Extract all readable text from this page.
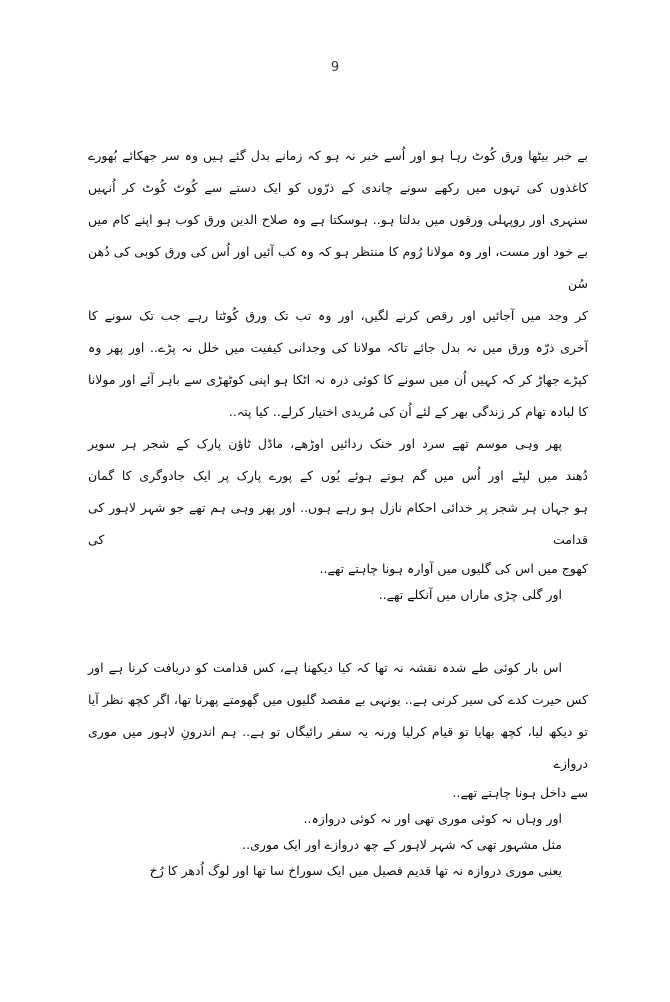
9
بے خبر بیٹھا ورق کُوٹ رہا ہو اور اُسے خبر نہ ہو کہ زمانے بدل گئے ہیں وہ سر جھکائے بُھورے
کاغذوں کی تہوں میں رکھے سونے چاندی کے ذرّوں کو ایک دستے سے کُوٹ کُوٹ کر اُنہیں
سنہری اور روپہلی ورقوں میں بدلتا ہو.. ہوسکتا ہے وہ صلاح الدین ورق کوب ہو اپنے کام میں
بے خود اور مست، اور وہ مولانا رُوم کا منتظر ہو کہ وہ کب آئیں اور اُس کی ورق کوبی کی دُھن سُن
کر وجد میں آجائیں اور رقص کرنے لگیں، اور وہ تب تک ورق کُوٹتا رہے جب تک سونے کا
آخری ذرّہ ورق میں نہ بدل جائے تاکہ مولانا کی وجدانی کیفیت میں خلل نہ پڑے.. اور پھر وہ
کپڑے جھاڑ کر کہ کہیں اُن میں سونے کا کوئی ذرہ نہ اٹکا ہو اپنی کوٹھڑی سے باہر آئے اور مولانا
کا لبادہ تھام کر زندگی بھر کے لئے اُن کی مُریدی اختیار کرلے.. کیا پتہ..
پھر وہی موسم تھے سرد اور خنک ردائیں اوڑھے، ماڈل ٹاؤن پارک کے شجر ہر سویر
دُھند میں لپٹے اور اُس میں گم ہوتے ہوئے یُوں کے پورے پارک پر ایک جادوگری کا گمان
ہو جہاں ہر شجر پر خدائی احکام نازل ہو رہے ہوں.. اور پھر وہی ہم تھے جو شہر لاہور کی قدامت کی
کھوج میں اس کی گلیوں میں آوارہ ہونا چاہتے تھے..
اور گلی چڑی ماراں میں آنکلے تھے..
اس بار کوئی طے شدہ نقشہ نہ تھا کہ کیا دیکھنا ہے، کس قدامت کو دریافت کرنا ہے اور
کس حیرت کدے کی سیر کرنی ہے.. یونہی بے مقصد گلیوں میں گھومتے پھرنا تھا، اگر کچھ نظر آیا
تو دیکھ لیا، کچھ بھایا تو قیام کرلیا ورنہ یہ سفر رائیگاں تو ہے.. ہم اندرونِ لاہور میں موری دروازے
سے داخل ہونا چاہتے تھے..
اور وہاں نہ کوئی موری تھی اور نہ کوئی دروازہ..
مثل مشہور تھی کہ شہر لاہور کے چھ دروازے اور ایک موری..
یعنی موری دروازہ نہ تھا قدیم فصیل میں ایک سوراخ سا تھا اور لوگ اُدھر کا رُخ
